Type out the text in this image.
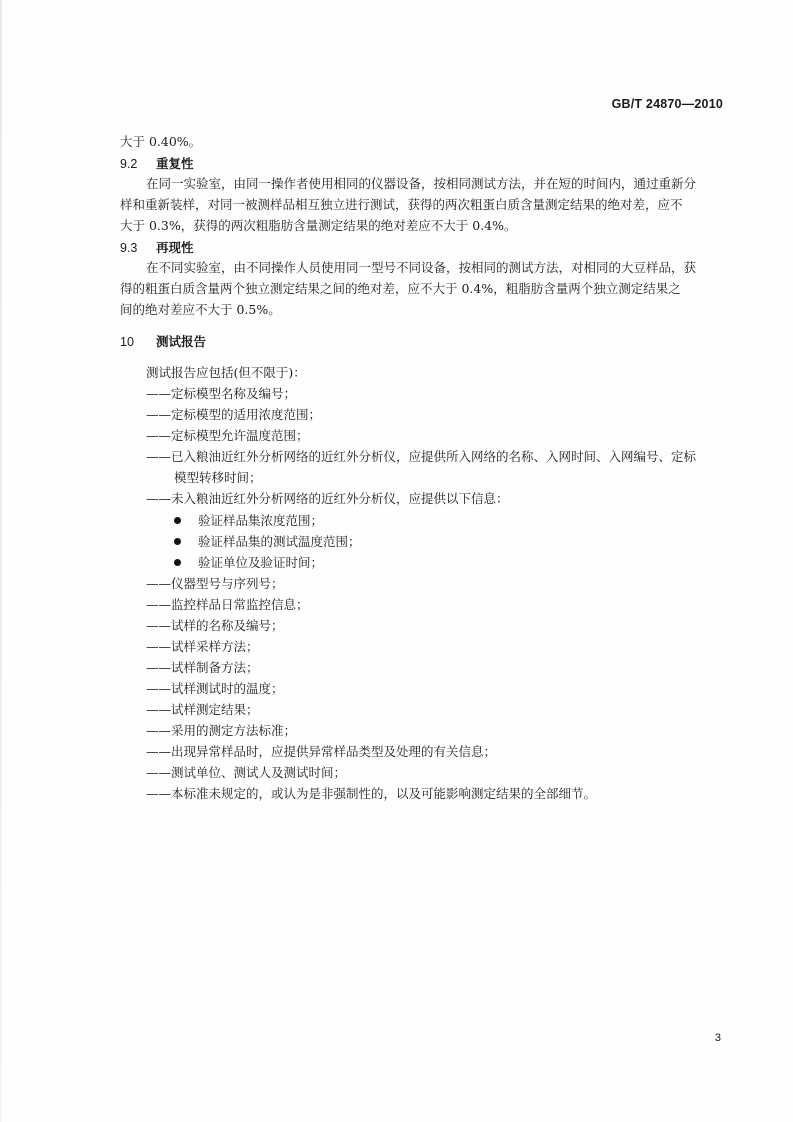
GB/T 24870—2010
大于 0.40%。
9.2 重复性
在同一实验室，由同一操作者使用相同的仪器设备，按相同测试方法，并在短的时间内，通过重新分
样和重新装样，对同一被测样品相互独立进行测试，获得的两次粗蛋白质含量测定结果的绝对差，应不
大于 0.3%，获得的两次粗脂肪含量测定结果的绝对差应不大于 0.4%。
9.3 再现性
在不同实验室，由不同操作人员使用同一型号不同设备，按相同的测试方法，对相同的大豆样品，获
得的粗蛋白质含量两个独立测定结果之间的绝对差，应不大于 0.4%，粗脂肪含量两个独立测定结果之
间的绝对差应不大于 0.5%。
10 测试报告
测试报告应包括(但不限于)：
——定标模型名称及编号；
——定标模型的适用浓度范围；
——定标模型允许温度范围；
——已入粮油近红外分析网络的近红外分析仪，应提供所入网络的名称、入网时间、入网编号、定标
模型转移时间；
——未入粮油近红外分析网络的近红外分析仪，应提供以下信息：
验证样品集浓度范围；
验证样品集的测试温度范围；
验证单位及验证时间；
——仪器型号与序列号；
——监控样品日常监控信息；
——试样的名称及编号；
——试样采样方法；
——试样制备方法；
——试样测试时的温度；
——试样测定结果；
——采用的测定方法标准；
——出现异常样品时，应提供异常样品类型及处理的有关信息；
——测试单位、测试人及测试时间；
——本标准未规定的，或认为是非强制性的，以及可能影响测定结果的全部细节。
3
